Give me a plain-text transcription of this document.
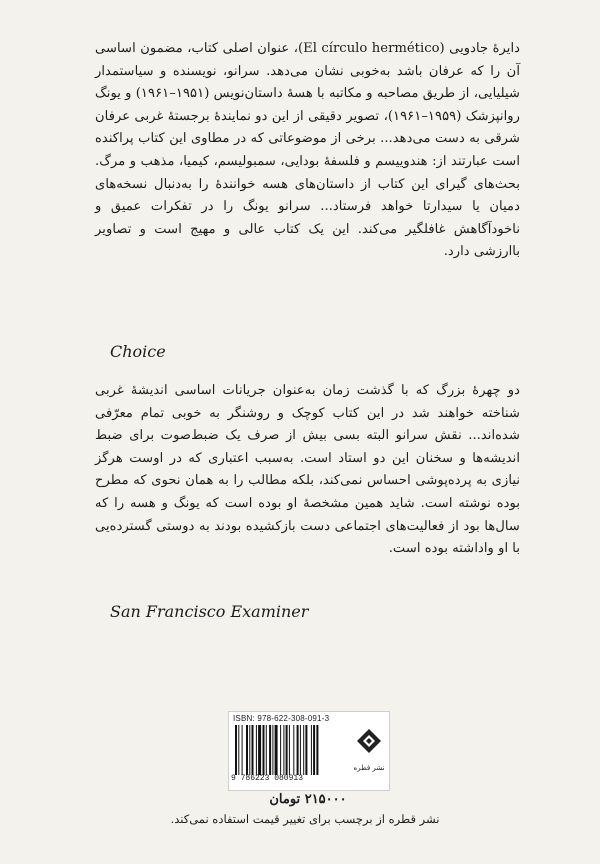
دایرهٔ جادویی (El círculo hermético)، عنوان اصلی کتاب، مضمون اساسی آن را که عرفان باشد به‌خوبی نشان می‌دهد. سرانو، نویسنده و سیاستمدار شیلیایی، از طریق مصاحبه و مکاتبه با هسهٔ داستان‌نویس (۱۹۵۱–۱۹۶۱) و یونگ روانپزشک (۱۹۵۹–۱۹۶۱)، تصویر دقیقی از این دو نمایندهٔ برجستهٔ غربی عرفان شرقی به دست می‌دهد... برخی از موضوعاتی که در مطاوی این کتاب پراکنده است عبارتند از: هندوییسم و فلسفهٔ بودایی، سمبولیسم، کیمیا، مذهب و مرگ. بحث‌های گیرای این کتاب از داستان‌های هسه خوانندهٔ را به‌دنبال نسخه‌های دمیان یا سیدارتا خواهد فرستاد... سرانو یونگ را در تفکرات عمیق و ناخودآگاهش غافلگیر می‌کند. این یک کتاب عالی و مهیج است و تصاویر باارزشی دارد.
Choice
دو چهرهٔ بزرگ که با گذشت زمان به‌عنوان جریانات اساسی اندیشهٔ غربی شناخته خواهند شد در این کتاب کوچک و روشنگر به خوبی تمام معرّفی شده‌اند... نقش سرانو البته بسی بیش از صرف یک ضبط‌صوت برای ضبط اندیشه‌ها و سخنان این دو استاد است. به‌سبب اعتباری که در اوست هرگز نیازی به پرده‌پوشی احساس نمی‌کند، بلکه مطالب را به همان نحوی که مطرح بوده نوشته است. شاید همین مشخصهٔ او بوده است که یونگ و هسه را که سال‌ها بود از فعالیت‌های اجتماعی دست بازکشیده بودند به دوستی گسترده‌یی با او واداشته بوده است.
San Francisco Examiner
ISBN: 978-622-308-091-3
9 786223 080913
نشر قطره
۲۱۵۰۰۰ تومان
نشر قطره از برچسب برای تغییر قیمت استفاده نمی‌کند.
